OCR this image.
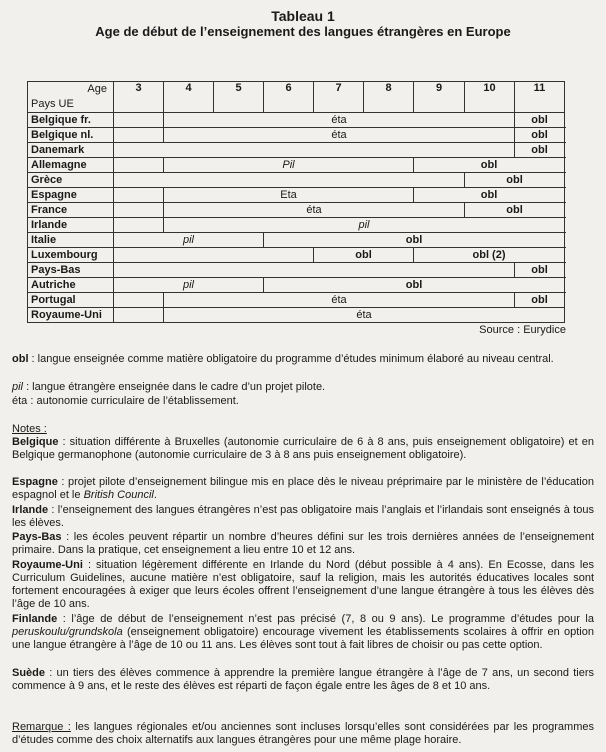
Tableau 1
Age de début de l’enseignement des langues étrangères en Europe
Age
Pays UE	3	4	5	6	7	8	9	10	11	
Belgique fr.		éta							obl	
Belgique nl.		éta							obl	
Danemark									obl	
Allemagne		Pil					obl			
Grèce								obl		
Espagne		Eta					obl			
France		éta						obl		
Irlande		pil								
Italie	pil			obl						
Luxembourg					obl		obl (2)			
Pays-Bas									obl	
Autriche	pil			obl						
Portugal		éta							obl	
Royaume-Uni		éta	
Source : Eurydice
obl : langue enseignée comme matière obligatoire du programme d’études minimum élaboré au niveau central.
pil : langue étrangère enseignée dans le cadre d’un projet pilote.
éta : autonomie curriculaire de l’établissement.
Notes :
Belgique : situation différente à Bruxelles (autonomie curriculaire de 6 à 8 ans, puis enseignement obligatoire) et en Belgique germanophone (autonomie curriculaire de 3 à 8 ans puis enseignement obligatoire).
Espagne : projet pilote d’enseignement bilingue mis en place dès le niveau préprimaire par le ministère de l’éducation espagnol et le British Council.
Irlande : l’enseignement des langues étrangères n’est pas obligatoire mais l’anglais et l’irlandais sont enseignés à tous les élèves.
Pays-Bas : les écoles peuvent répartir un nombre d’heures défini sur les trois dernières années de l’enseignement primaire. Dans la pratique, cet enseignement a lieu entre 10 et 12 ans.
Royaume-Uni : situation légèrement différente en Irlande du Nord (début possible à 4 ans). En Ecosse, dans les Curriculum Guidelines, aucune matière n’est obligatoire, sauf la religion, mais les autorités éducatives locales sont fortement encouragées à exiger que leurs écoles offrent l’enseignement d’une langue étrangère à tous les élèves dès l’âge de 10 ans.
Finlande : l’âge de début de l’enseignement n’est pas précisé (7, 8 ou 9 ans). Le programme d’études pour la peruskoulu/grundskola (enseignement obligatoire) encourage vivement les établissements scolaires à offrir en option une langue étrangère à l’âge de 10 ou 11 ans. Les élèves sont tout à fait libres de choisir ou pas cette option.
Suède : un tiers des élèves commence à apprendre la première langue étrangère à l’âge de 7 ans, un second tiers commence à 9 ans, et le reste des élèves est réparti de façon égale entre les âges de 8 et 10 ans.
Remarque : les langues régionales et/ou anciennes sont incluses lorsqu’elles sont considérées par les programmes d’études comme des choix alternatifs aux langues étrangères pour une même plage horaire.
